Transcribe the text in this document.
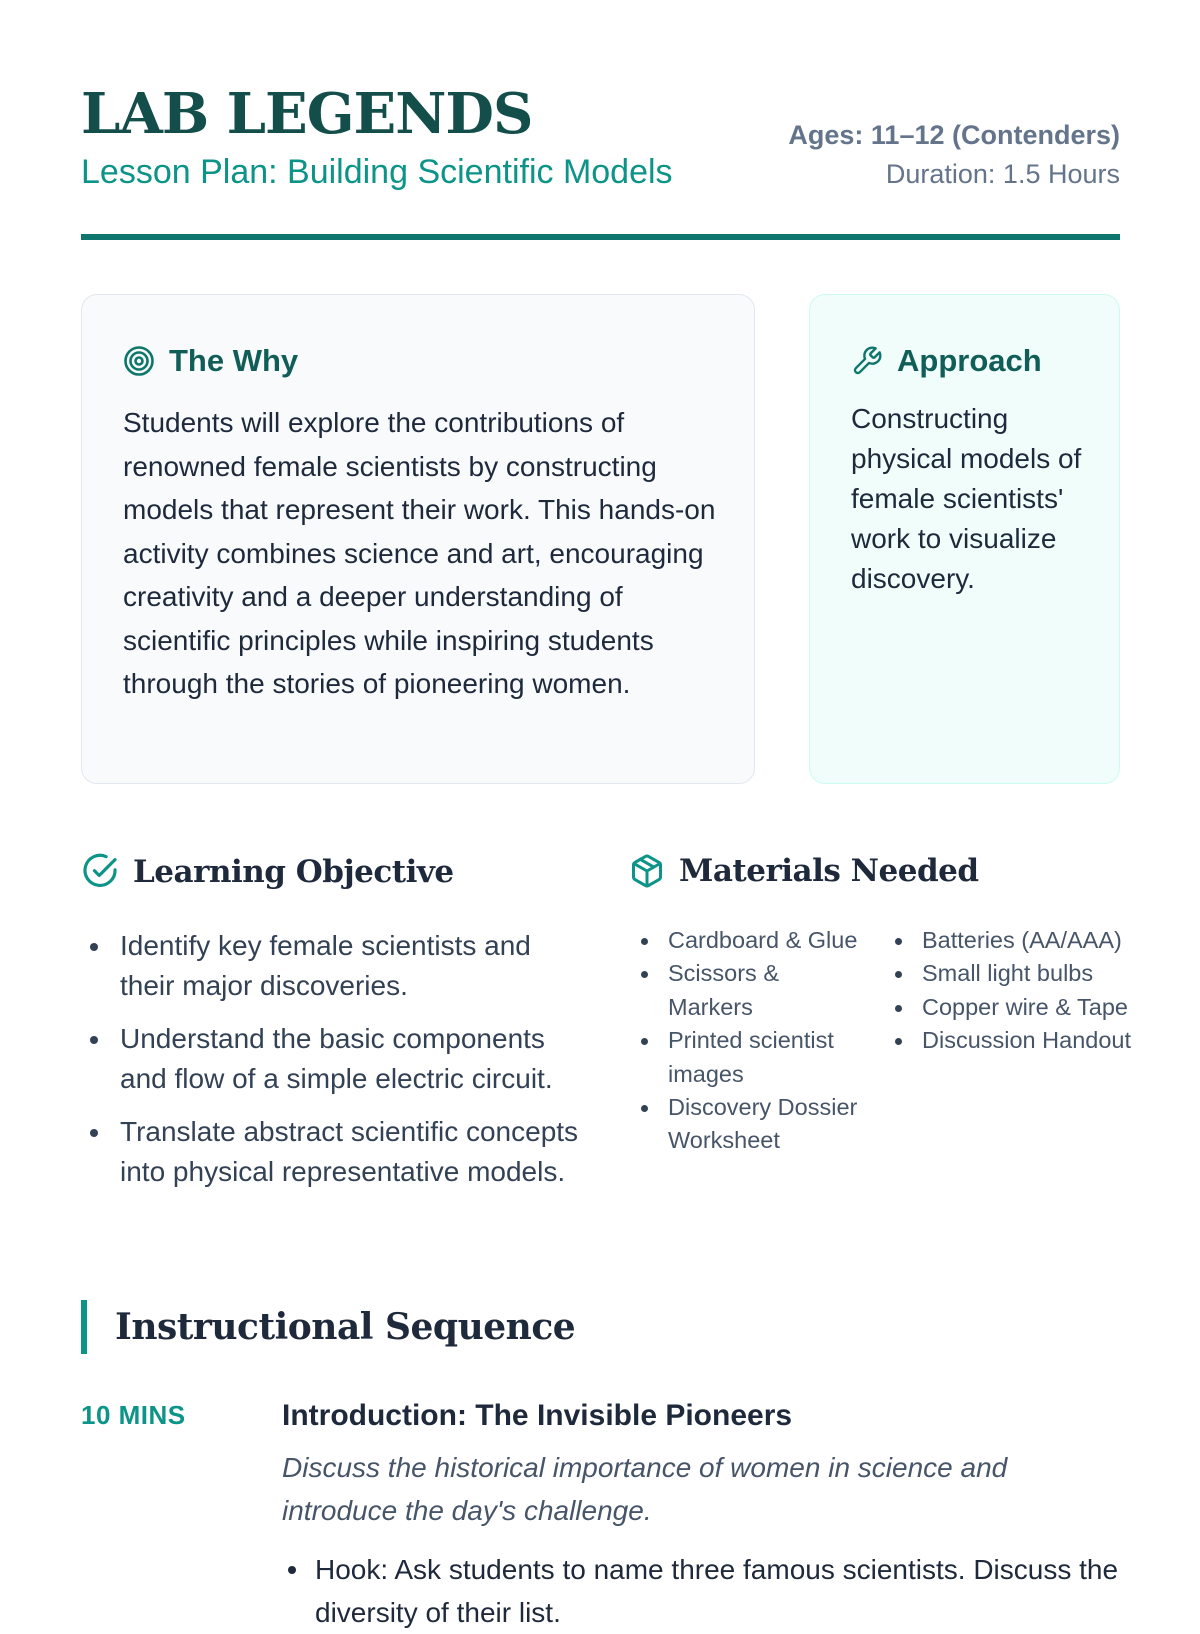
LAB LEGENDS
Lesson Plan: Building Scientific Models
Ages: 11–12 (Contenders)
Duration: 1.5 Hours
The Why

Students will explore the contributions of renowned female scientists by constructing models that represent their work. This hands-on activity combines science and art, encouraging creativity and a deeper understanding of scientific principles while inspiring students through the stories of pioneering women.

Approach

Constructing physical models of female scientists' work to visualize discovery.

Learning Objective
Identify key female scientists and their major discoveries.
Understand the basic components and flow of a simple electric circuit.
Translate abstract scientific concepts into physical representative models.
Materials Needed
Cardboard & Glue
Scissors & Markers
Printed scientist images
Discovery Dossier Worksheet
Batteries (AA/AAA)
Small light bulbs
Copper wire & Tape
Discussion Handout
Instructional Sequence
10 MINS	Introduction: The Invisible Pioneers

Discuss the historical importance of women in science and introduce the day's challenge.

Hook: Ask students to name three famous scientists. Discuss the diversity of their list.
